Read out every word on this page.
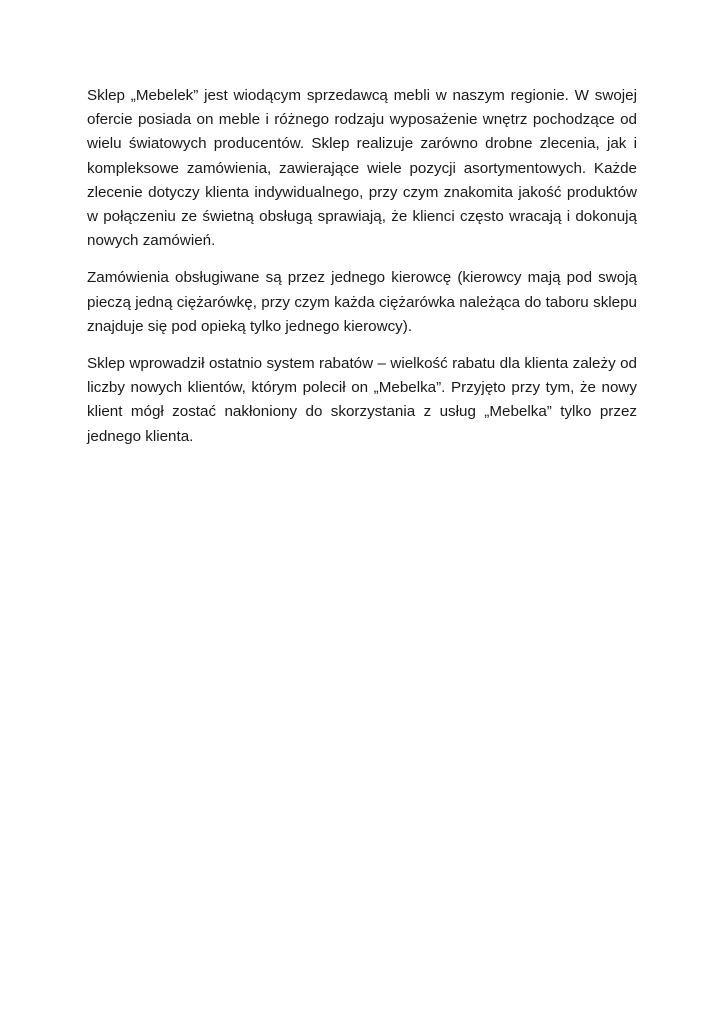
Sklep „Mebelek” jest wiodącym sprzedawcą mebli w naszym regionie. W swojej ofercie posiada on meble i różnego rodzaju wyposażenie wnętrz pochodzące od wielu światowych producentów. Sklep realizuje zarówno drobne zlecenia, jak i kompleksowe zamówienia, zawierające wiele pozycji asortymentowych. Każde zlecenie dotyczy klienta indywidualnego, przy czym znakomita jakość produktów w połączeniu ze świetną obsługą sprawiają, że klienci często wracają i dokonują nowych zamówień.

Zamówienia obsługiwane są przez jednego kierowcę (kierowcy mają pod swoją pieczą jedną ciężarówkę, przy czym każda ciężarówka należąca do taboru sklepu znajduje się pod opieką tylko jednego kierowcy).

Sklep wprowadził ostatnio system rabatów – wielkość rabatu dla klienta zależy od liczby nowych klientów, którym polecił on „Mebelka”. Przyjęto przy tym, że nowy klient mógł zostać nakłoniony do skorzystania z usług „Mebelka” tylko przez jednego klienta.
